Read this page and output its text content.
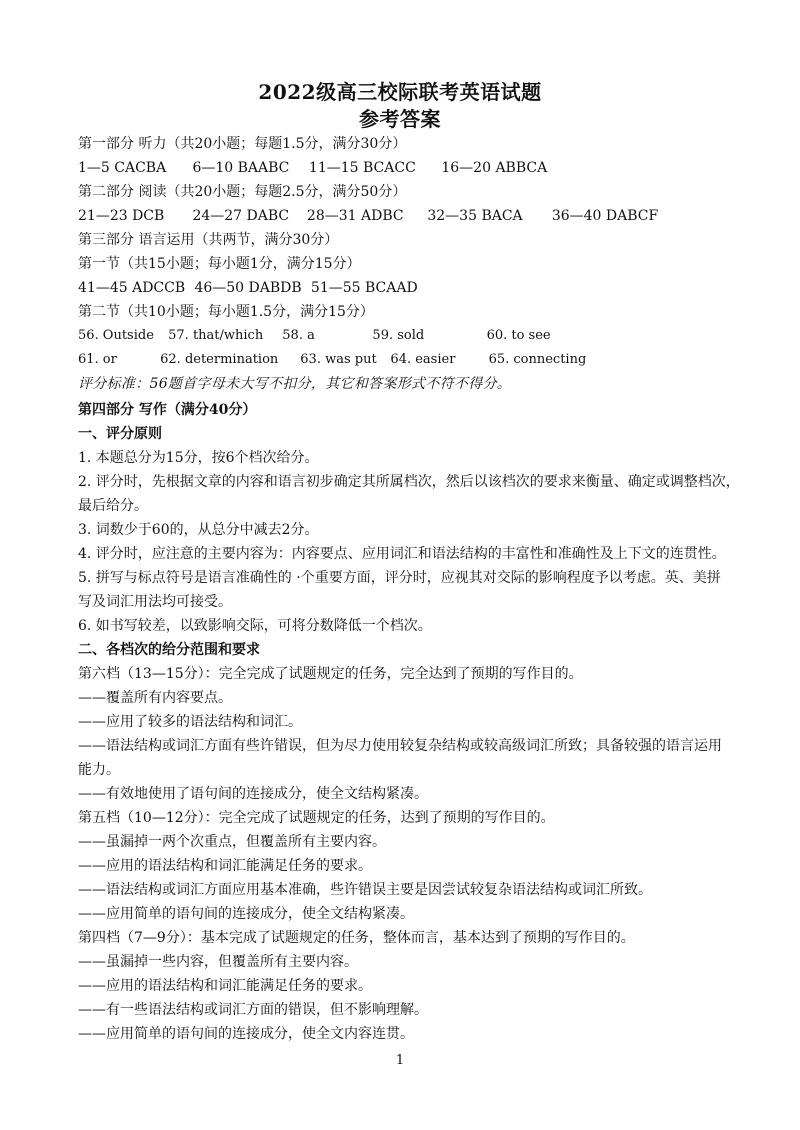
2022级高三校际联考英语试题
参考答案
第一部分 听力（共20小题；每题1.5分，满分30分）
1—5 CACBA 6—10 BAABC 11—15 BCACC 16—20 ABBCA
第二部分 阅读（共20小题；每题2.5分，满分50分）
21—23 DCB 24—27 DABC 28—31 ADBC 32—35 BACA 36—40 DABCF
第三部分 语言运用（共两节，满分30分）
第一节（共15小题；每小题1分，满分15分）
41—45 ADCCB 46—50 DABDB 51—55 BCAAD
第二节（共10小题；每小题1.5分，满分15分）
56. Outside 57. that/which 58. a	59. sold	60. to see
61. or	62. determination 63. was put 64. easier	65. connecting
评分标准：56题首字母未大写不扣分，其它和答案形式不符不得分。
第四部分 写作（满分40分）
一、评分原则
1. 本题总分为15分，按6个档次给分。
2. 评分时，先根据文章的内容和语言初步确定其所属档次，然后以该档次的要求来衡量、确定或调整档次，
最后给分。
3. 词数少于60的，从总分中减去2分。
4. 评分时，应注意的主要内容为：内容要点、应用词汇和语法结构的丰富性和准确性及上下文的连贯性。
5. 拼写与标点符号是语言准确性的 ·个重要方面，评分时，应视其对交际的影响程度予以考虑。英、美拼
写及词汇用法均可接受。
6. 如书写较差，以致影响交际，可将分数降低一个档次。
二、各档次的给分范围和要求
第六档（13—15分）：完全完成了试题规定的任务，完全达到了预期的写作目的。
——覆盖所有内容要点。
——应用了较多的语法结构和词汇。
——语法结构或词汇方面有些许错误，但为尽力使用较复杂结构或较高级词汇所致；具备较强的语言运用
能力。
——有效地使用了语句间的连接成分，使全文结构紧凑。
第五档（10—12分）：完全完成了试题规定的任务，达到了预期的写作目的。
——虽漏掉一两个次重点，但覆盖所有主要内容。
——应用的语法结构和词汇能满足任务的要求。
——语法结构或词汇方面应用基本准确，些许错误主要是因尝试较复杂语法结构或词汇所致。
——应用简单的语句间的连接成分，使全文结构紧凑。
第四档（7—9分）：基本完成了试题规定的任务，整体而言，基本达到了预期的写作目的。
——虽漏掉一些内容，但覆盖所有主要内容。
——应用的语法结构和词汇能满足任务的要求。
——有一些语法结构或词汇方面的错误，但不影响理解。
——应用简单的语句间的连接成分，使全文内容连贯。
1
